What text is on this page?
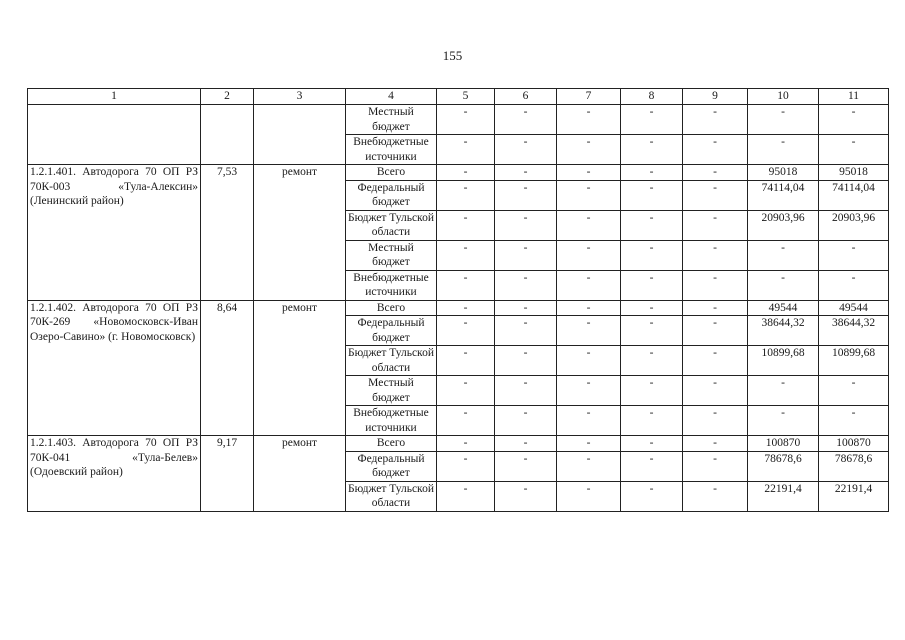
155
1	2	3	4	5	6	7	8	9	10	11
			Местный бюджет	-	-	-	-	-	-	-
			Внебюджетные источники	-	-	-	-	-	-	-
1.2.1.401. Автодорога 70 ОП РЗ 70К-003 «Тула-Алексин» (Ленинский район)	7,53	ремонт	Всего	-	-	-	-	-	95018	95018
			Федеральный бюджет	-	-	-	-	-	74114,04	74114,04
			Бюджет Тульской области	-	-	-	-	-	20903,96	20903,96
			Местный бюджет	-	-	-	-	-	-	-
			Внебюджетные источники	-	-	-	-	-	-	-
1.2.1.402. Автодорога 70 ОП РЗ 70К-269 «Новомосковск-Иван Озеро-Савино» (г. Новомосковск)	8,64	ремонт	Всего	-	-	-	-	-	49544	49544
			Федеральный бюджет	-	-	-	-	-	38644,32	38644,32
			Бюджет Тульской области	-	-	-	-	-	10899,68	10899,68
			Местный бюджет	-	-	-	-	-	-	-
			Внебюджетные источники	-	-	-	-	-	-	-
1.2.1.403. Автодорога 70 ОП РЗ 70К-041 «Тула-Белев» (Одоевский район)	9,17	ремонт	Всего	-	-	-	-	-	100870	100870
			Федеральный бюджет	-	-	-	-	-	78678,6	78678,6
			Бюджет Тульской области	-	-	-	-	-	22191,4	22191,4
